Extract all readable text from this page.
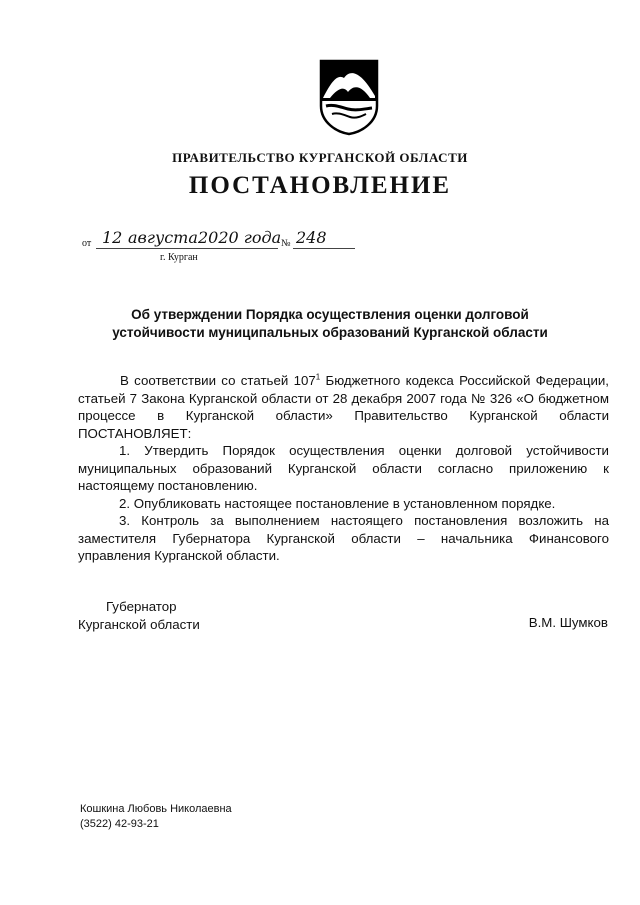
ПРАВИТЕЛЬСТВО КУРГАНСКОЙ ОБЛАСТИ
ПОСТАНОВЛЕНИЕ
от 12 августа 2020 года № 248
г. Курган
Об утверждении Порядка осуществления оценки долговой
устойчивости муниципальных образований Курганской области

В соответствии со статьей $107^1$ Бюджетного кодекса Российской Федерации, статьей 7 Закона Курганской области от 28 декабря 2007 года № 326 «О бюджетном процессе в Курганской области» Правительство Курганской области ПОСТАНОВЛЯЕТ:

1. Утвердить Порядок осуществления оценки долговой устойчивости муниципальных образований Курганской области согласно приложению к настоящему постановлению.

2. Опубликовать настоящее постановление в установленном порядке.

3. Контроль за выполнением настоящего постановления возложить на заместителя Губернатора Курганской области – начальника Финансового управления Курганской области.

Губернатор
Курганской области	В.М. Шумков
Кошкина Любовь Николаевна
(3522) 42-93-21
